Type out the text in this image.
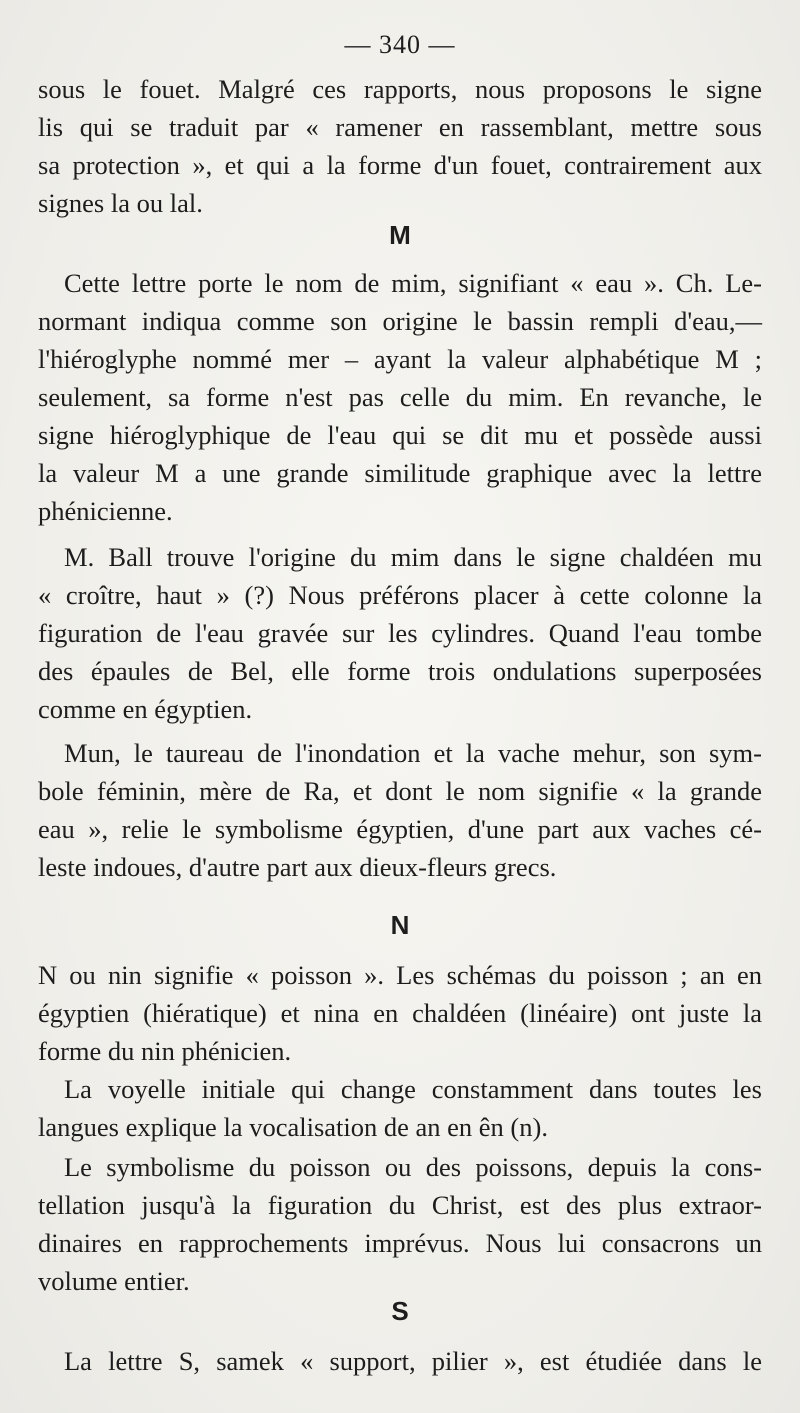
— 340 —
sous le fouet. Malgré ces rapports, nous proposons le signe
lis qui se traduit par « ramener en rassemblant, mettre sous
sa protection », et qui a la forme d'un fouet, contrairement aux
signes la ou lal.
M
Cette lettre porte le nom de mim, signifiant « eau ». Ch. Le-
normant indiqua comme son origine le bassin rempli d'eau,—
l'hiéroglyphe nommé mer – ayant la valeur alphabétique M ;
seulement, sa forme n'est pas celle du mim. En revanche, le
signe hiéroglyphique de l'eau qui se dit mu et possède aussi
la valeur M a une grande similitude graphique avec la lettre
phénicienne.
M. Ball trouve l'origine du mim dans le signe chaldéen mu
« croître, haut » (?) Nous préférons placer à cette colonne la
figuration de l'eau gravée sur les cylindres. Quand l'eau tombe
des épaules de Bel, elle forme trois ondulations superposées
comme en égyptien.
Mun, le taureau de l'inondation et la vache mehur, son sym-
bole féminin, mère de Ra, et dont le nom signifie « la grande
eau », relie le symbolisme égyptien, d'une part aux vaches cé-
leste indoues, d'autre part aux dieux-fleurs grecs.
N
N ou nin signifie « poisson ». Les schémas du poisson ; an en
égyptien (hiératique) et nina en chaldéen (linéaire) ont juste la
forme du nin phénicien.
La voyelle initiale qui change constamment dans toutes les
langues explique la vocalisation de an en ên (n).
Le symbolisme du poisson ou des poissons, depuis la cons-
tellation jusqu'à la figuration du Christ, est des plus extraor-
dinaires en rapprochements imprévus. Nous lui consacrons un
volume entier.
S
La lettre S, samek « support, pilier », est étudiée dans le
